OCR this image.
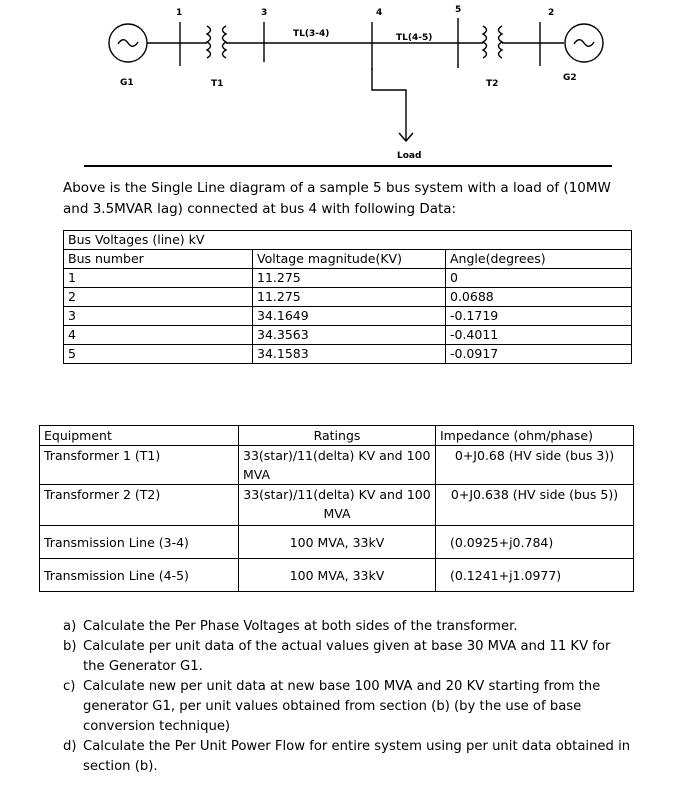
1	3	4	5	2
G1	T1
TL(3-4)	TL(4-5)
T2
G2
Load
Above is the Single Line diagram of a sample 5 bus system with a load of (10MW and 3.5MVAR lag) connected at bus 4 with following Data:
Bus Voltages (line) kV		
Bus number	Voltage magnitude(KV)	Angle(degrees)
1	11.275	0
2	11.275	0.0688
3	34.1649	-0.1719
4	34.3563	-0.4011
5	34.1583	-0.0917
Equipment	Ratings	Impedance (ohm/phase)
Transformer 1 (T1)	33(star)/11(delta) KV and 100 MVA	0+J0.68 (HV side (bus 3))
Transformer 2 (T2)	33(star)/11(delta) KV and 100 MVA	0+J0.638 (HV side (bus 5))
Transmission Line (3-4)	100 MVA, 33kV	(0.0925+j0.784)
Transmission Line (4-5)	100 MVA, 33kV	(0.1241+j1.0977)
a) Calculate the Per Phase Voltages at both sides of the transformer.
b) Calculate per unit data of the actual values given at base 30 MVA and 11 KV for the Generator G1.
c) Calculate new per unit data at new base 100 MVA and 20 KV starting from the generator G1, per unit values obtained from section (b) (by the use of base conversion technique)
d) Calculate the Per Unit Power Flow for entire system using per unit data obtained in section (b).
